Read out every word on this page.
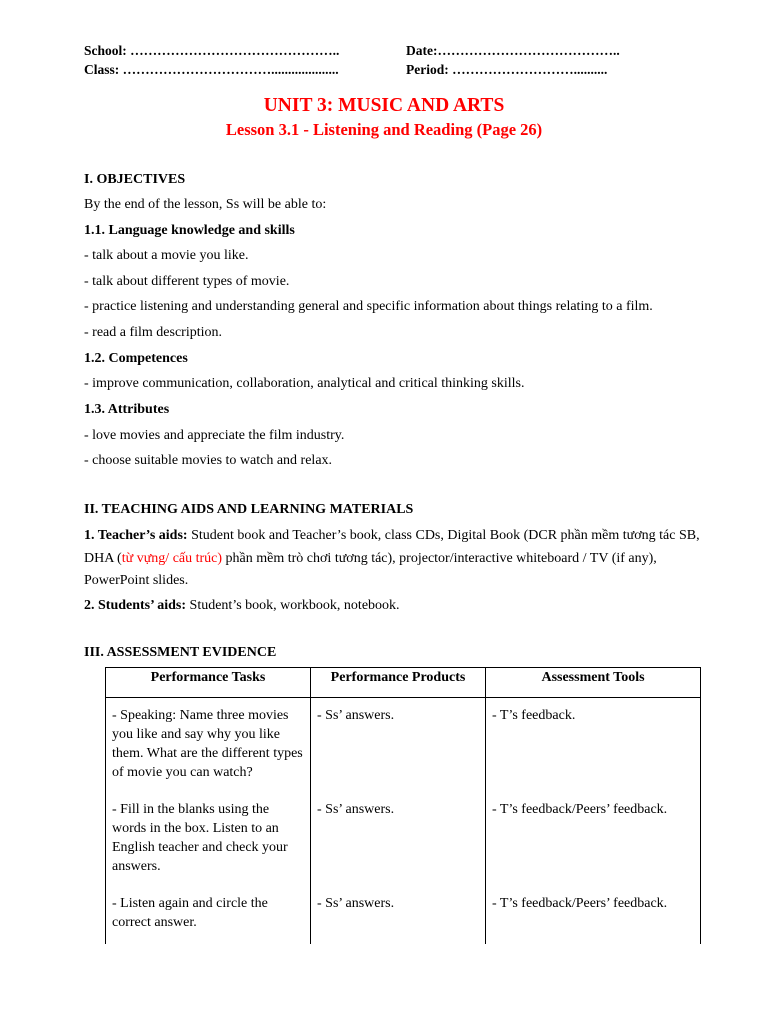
School: ………………………………………..
Class: ……………………………....................
Date:…………………………………..
Period: ………………………..........
UNIT 3: MUSIC AND ARTS
Lesson 3.1 - Listening and Reading (Page 26)
I. OBJECTIVES
By the end of the lesson, Ss will be able to:
1.1. Language knowledge and skills
- talk about a movie you like.
- talk about different types of movie.
- practice listening and understanding general and specific information about things relating to a film.
- read a film description.
1.2. Competences
- improve communication, collaboration, analytical and critical thinking skills.
1.3. Attributes
- love movies and appreciate the film industry.
- choose suitable movies to watch and relax.
II. TEACHING AIDS AND LEARNING MATERIALS
1. Teacher’s aids: Student book and Teacher’s book, class CDs, Digital Book (DCR phần mềm tương tác SB, DHA (từ vựng/ cấu trúc) phần mềm trò chơi tương tác), projector/interactive whiteboard / TV (if any), PowerPoint slides.
2. Students’ aids: Student’s book, workbook, notebook.
III. ASSESSMENT EVIDENCE
Performance Tasks	Performance Products	Assessment Tools
- Speaking: Name three movies you like and say why you like them. What are the different types of movie you can watch?	- Ss’ answers.	- T’s feedback.
- Fill in the blanks using the words in the box. Listen to an English teacher and check your answers.	- Ss’ answers.	- T’s feedback/Peers’ feedback.
- Listen again and circle the correct answer.	- Ss’ answers.	- T’s feedback/Peers’ feedback.
